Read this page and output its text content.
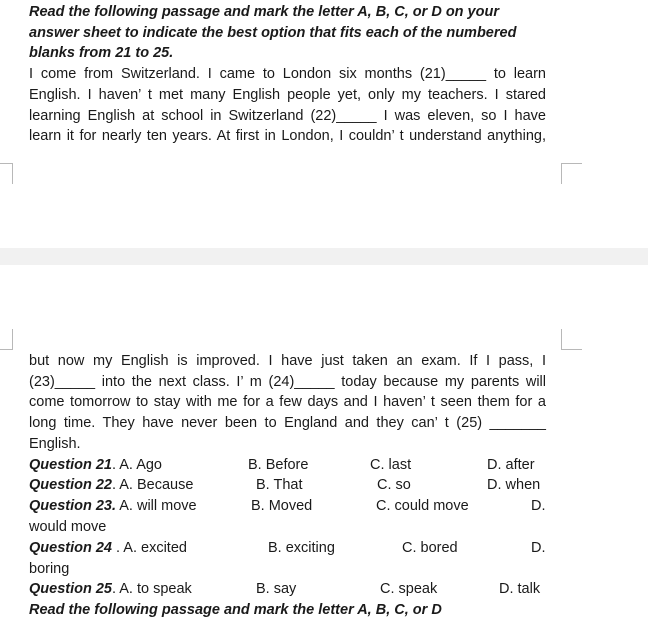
Read the following passage and mark the letter A, B, C, or D on your answer sheet to indicate the best option that fits each of the numbered blanks from 21 to 25.
I come from Switzerland. I came to London six months (21)_____ to learn
English. I haven’ t met many English people yet, only my teachers. I stared
learning English at school in Switzerland (22)_____ I was eleven, so I have
learn it for nearly ten years. At first in London, I couldn’ t understand anything,
but now my English is improved. I have just taken an exam. If I pass, I
(23)_____ into the next class. I’ m (24)_____ today because my parents will
come tomorrow to stay with me for a few days and I haven’ t seen them for a
long time. They have never been to England and they can’ t (25) _______
English.
Question 21. A. Ago	B. Before	C. last	D. after
Question 22. A. Because	B. That	C. so	D. when
Question 23. A. will move	B. Moved	C. could move	D.
would move
Question 24 . A. excited	B. exciting	C. bored	D.
boring
Question 25. A. to speak	B. say	C. speak	D. talk
Read the following passage and mark the letter A, B, C, or D
